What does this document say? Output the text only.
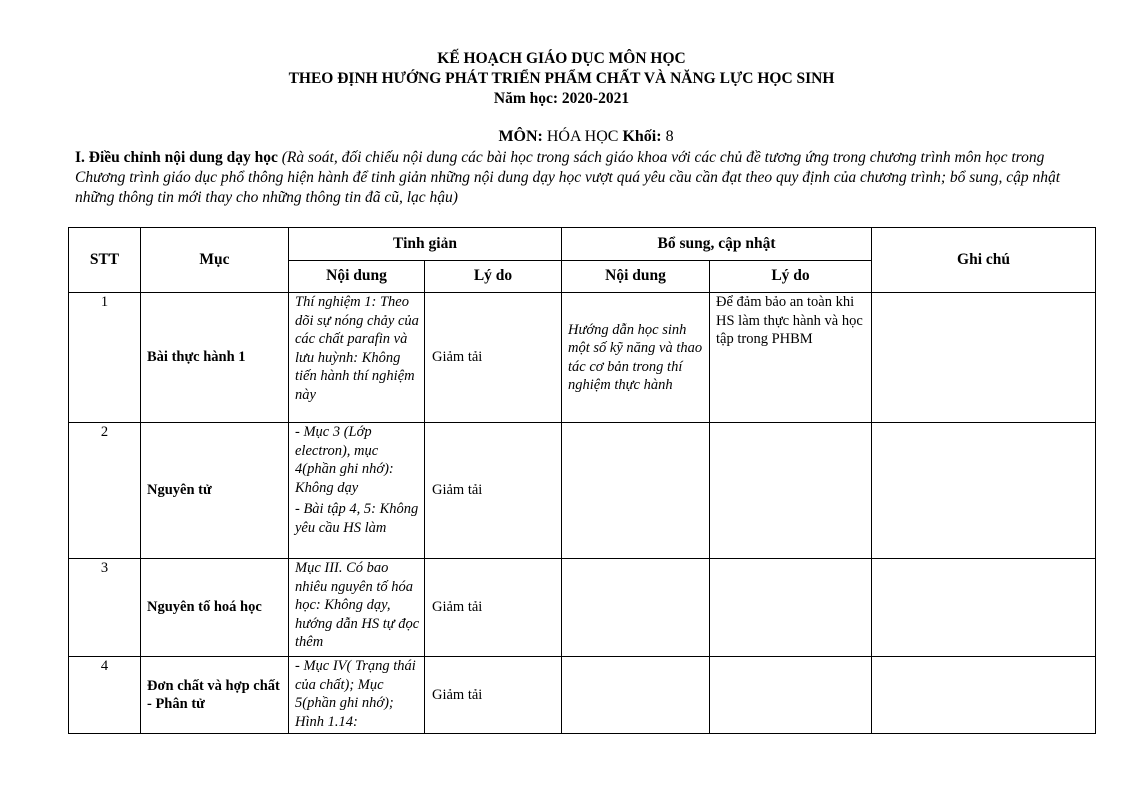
KẾ HOẠCH GIÁO DỤC MÔN HỌC
THEO ĐỊNH HƯỚNG PHÁT TRIỂN PHẨM CHẤT VÀ NĂNG LỰC HỌC SINH
Năm học: 2020-2021
MÔN: HÓA HỌC Khối: 8
I. Điều chỉnh nội dung dạy học (Rà soát, đối chiếu nội dung các bài học trong sách giáo khoa với các chủ đề tương ứng trong chương trình môn học trong Chương trình giáo dục phổ thông hiện hành để tinh giản những nội dung dạy học vượt quá yêu cầu cần đạt theo quy định của chương trình; bổ sung, cập nhật những thông tin mới thay cho những thông tin đã cũ, lạc hậu)
STT	Mục	Tinh giản		Bổ sung, cập nhật		Ghi chú
		Nội dung	Lý do	Nội dung	Lý do	
1	Bài thực hành 1	Thí nghiệm 1: Theo dõi sự nóng chảy của các chất parafin và lưu huỳnh: Không tiến hành thí nghiệm này	Giảm tải	Hướng dẫn học sinh một số kỹ năng và thao tác cơ bản trong thí nghiệm thực hành	Để đảm bảo an toàn khi HS làm thực hành và học tập trong PHBM	
2	Nguyên tử	- Mục 3 (Lớp electron), mục 4(phần ghi nhớ): Không dạy
- Bài tập 4, 5: Không yêu cầu HS làm	Giảm tải			
3	Nguyên tố hoá học	Mục III. Có bao nhiêu nguyên tố hóa học: Không dạy, hướng dẫn HS tự đọc thêm	Giảm tải			
4	Đơn chất và hợp chất - Phân tử	- Mục IV( Trạng thái của chất); Mục 5(phần ghi nhớ); Hình 1.14:	Giảm tải			
